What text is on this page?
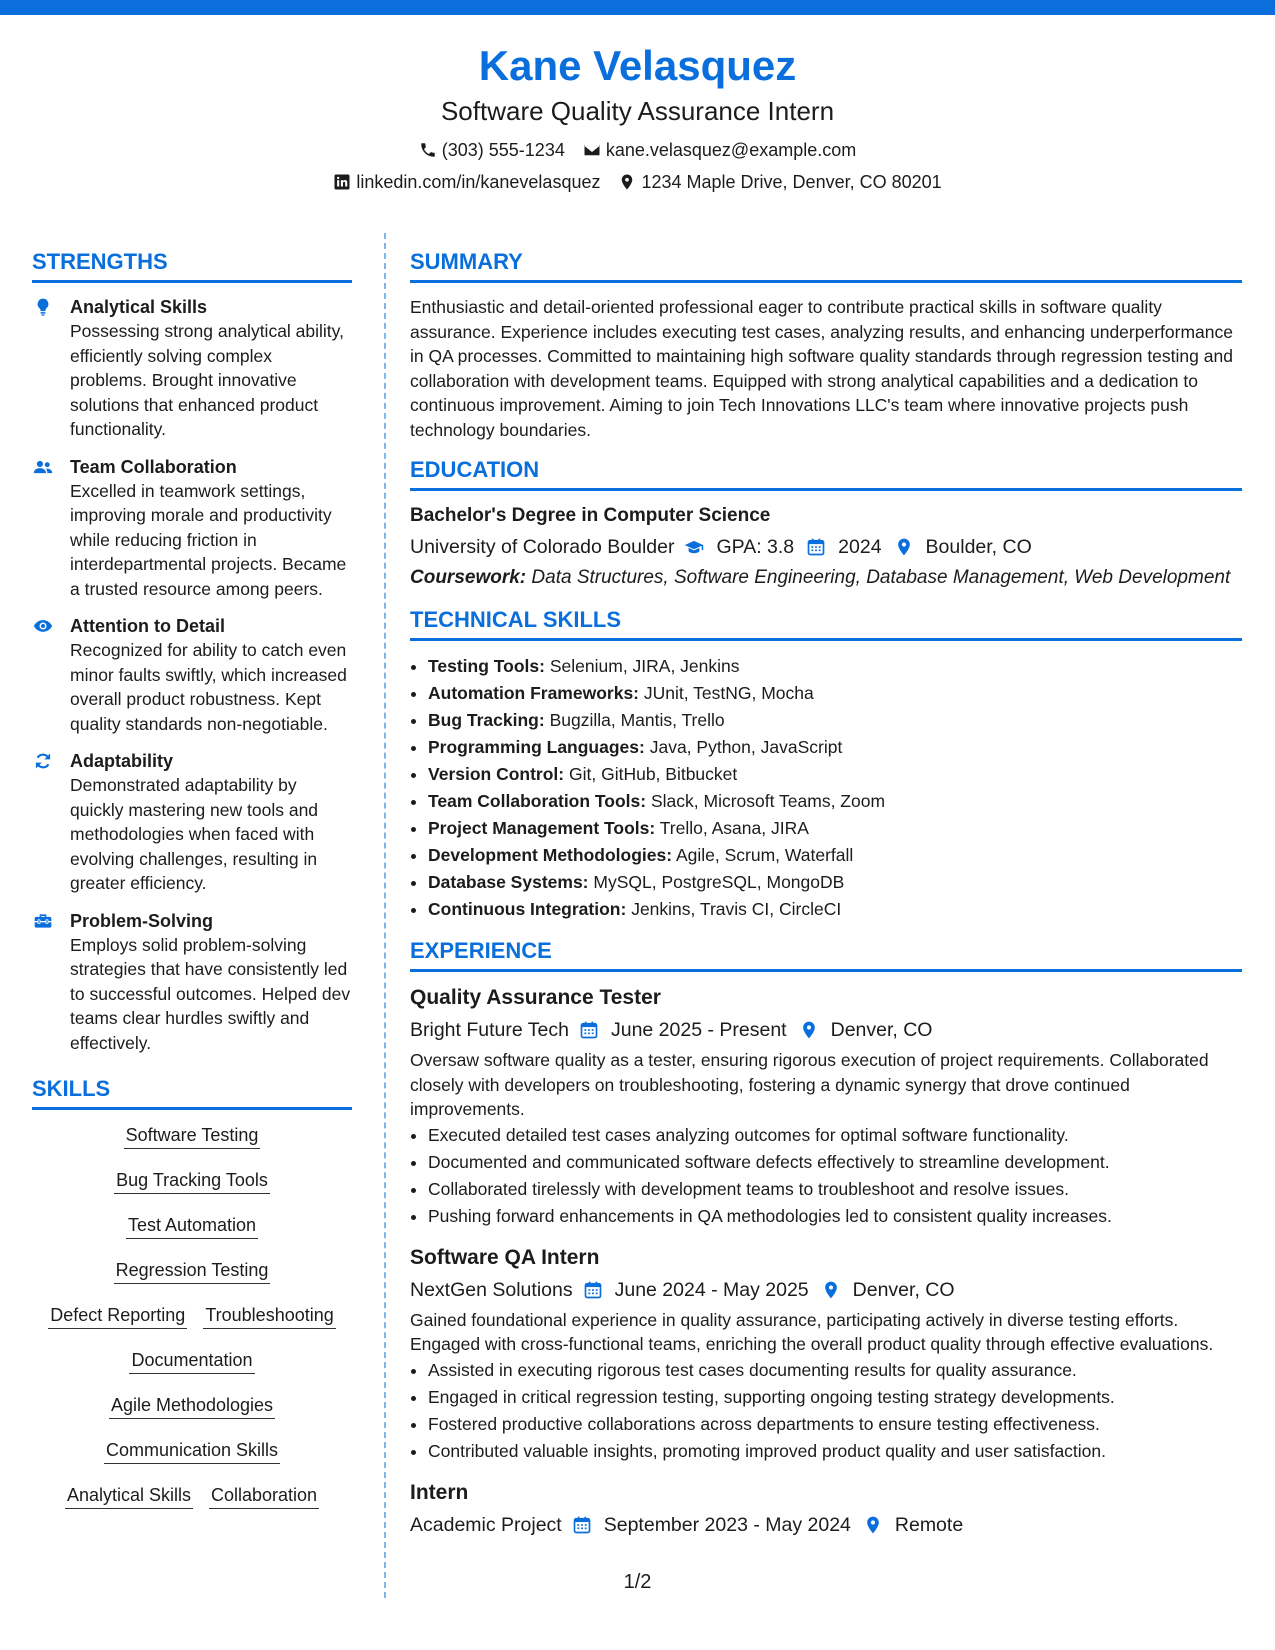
Kane Velasquez
Software Quality Assurance Intern
(303) 555-1234 kane.velasquez@example.com
linkedin.com/in/kanevelasquez 1234 Maple Drive, Denver, CO 80201
STRENGTHS
Analytical Skills
Possessing strong analytical ability, efficiently solving complex problems. Brought innovative solutions that enhanced product functionality.
Team Collaboration
Excelled in teamwork settings, improving morale and productivity while reducing friction in interdepartmental projects. Became a trusted resource among peers.
Attention to Detail
Recognized for ability to catch even minor faults swiftly, which increased overall product robustness. Kept quality standards non-negotiable.
Adaptability
Demonstrated adaptability by quickly mastering new tools and methodologies when faced with evolving challenges, resulting in greater efficiency.
Problem-Solving
Employs solid problem-solving strategies that have consistently led to successful outcomes. Helped dev teams clear hurdles swiftly and effectively.
SKILLS
Software Testing
Bug Tracking Tools
Test Automation
Regression Testing
Defect Reporting Troubleshooting
Documentation
Agile Methodologies
Communication Skills
Analytical Skills Collaboration
SUMMARY
Enthusiastic and detail-oriented professional eager to contribute practical skills in software quality assurance. Experience includes executing test cases, analyzing results, and enhancing underperformance in QA processes. Committed to maintaining high software quality standards through regression testing and collaboration with development teams. Equipped with strong analytical capabilities and a dedication to continuous improvement. Aiming to join Tech Innovations LLC's team where innovative projects push technology boundaries.
EDUCATION
Bachelor's Degree in Computer Science
University of Colorado Boulder GPA: 3.8 2024 Boulder, CO
Coursework: Data Structures, Software Engineering, Database Management, Web Development
TECHNICAL SKILLS
• Testing Tools: Selenium, JIRA, Jenkins
• Automation Frameworks: JUnit, TestNG, Mocha
• Bug Tracking: Bugzilla, Mantis, Trello
• Programming Languages: Java, Python, JavaScript
• Version Control: Git, GitHub, Bitbucket
• Team Collaboration Tools: Slack, Microsoft Teams, Zoom
• Project Management Tools: Trello, Asana, JIRA
• Development Methodologies: Agile, Scrum, Waterfall
• Database Systems: MySQL, PostgreSQL, MongoDB
• Continuous Integration: Jenkins, Travis CI, CircleCI
EXPERIENCE
Quality Assurance Tester
Bright Future Tech June 2025 - Present Denver, CO
Oversaw software quality as a tester, ensuring rigorous execution of project requirements. Collaborated closely with developers on troubleshooting, fostering a dynamic synergy that drove continued improvements.
• Executed detailed test cases analyzing outcomes for optimal software functionality.
• Documented and communicated software defects effectively to streamline development.
• Collaborated tirelessly with development teams to troubleshoot and resolve issues.
• Pushing forward enhancements in QA methodologies led to consistent quality increases.
Software QA Intern
NextGen Solutions June 2024 - May 2025 Denver, CO
Gained foundational experience in quality assurance, participating actively in diverse testing efforts. Engaged with cross-functional teams, enriching the overall product quality through effective evaluations.
• Assisted in executing rigorous test cases documenting results for quality assurance.
• Engaged in critical regression testing, supporting ongoing testing strategy developments.
• Fostered productive collaborations across departments to ensure testing effectiveness.
• Contributed valuable insights, promoting improved product quality and user satisfaction.
Intern
Academic Project September 2023 - May 2024 Remote
1/2
